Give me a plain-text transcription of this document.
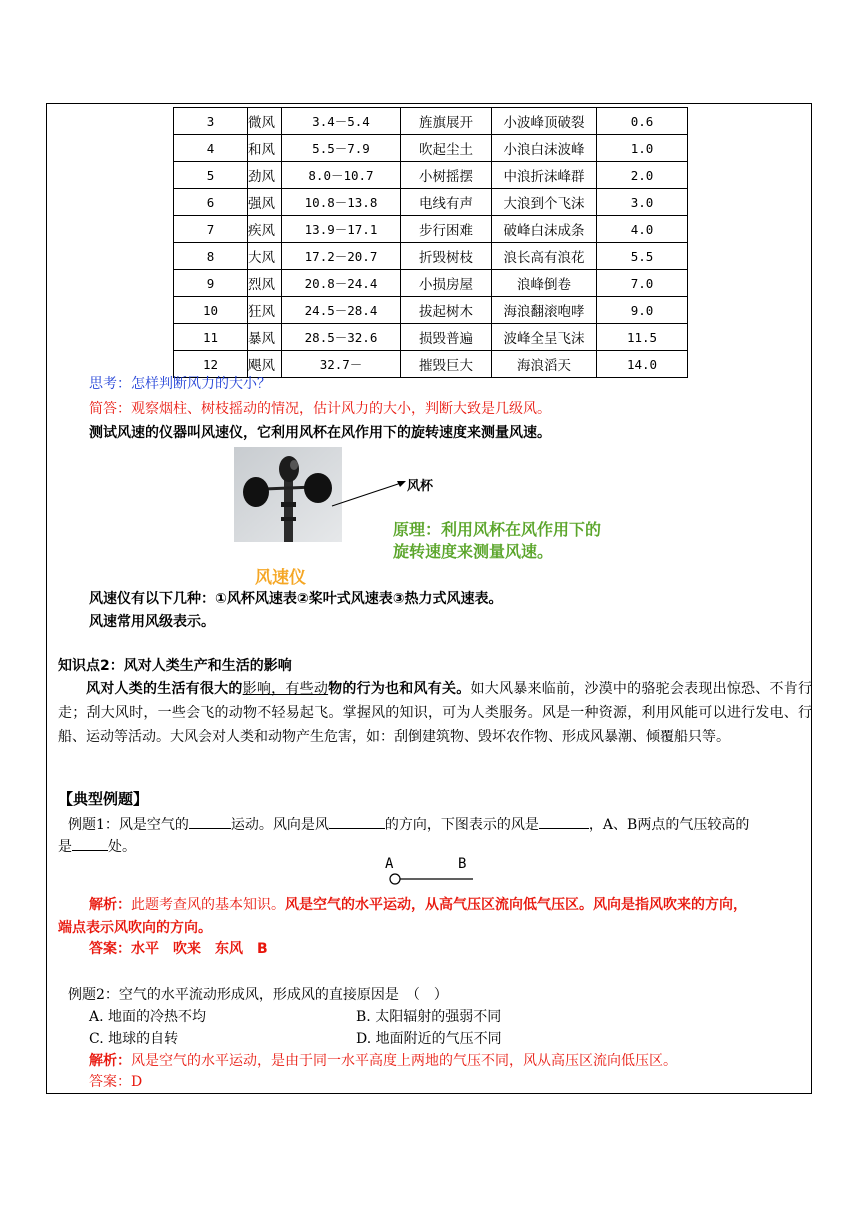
3	微风	3.4－5.4	旌旗展开	小波峰顶破裂	0.6
4	和风	5.5－7.9	吹起尘土	小浪白沫波峰	1.0
5	劲风	8.0－10.7	小树摇摆	中浪折沫峰群	2.0
6	强风	10.8－13.8	电线有声	大浪到个飞沫	3.0
7	疾风	13.9－17.1	步行困难	破峰白沫成条	4.0
8	大风	17.2－20.7	折毁树枝	浪长高有浪花	5.5
9	烈风	20.8－24.4	小损房屋	浪峰倒卷	7.0
10	狂风	24.5－28.4	拔起树木	海浪翻滚咆哮	9.0
11	暴风	28.5－32.6	损毁普遍	波峰全呈飞沫	11.5
12	飓风	32.7－	摧毁巨大	海浪滔天	14.0
思考：怎样判断风力的大小？
简答：观察烟柱、树枝摇动的情况，估计风力的大小，判断大致是几级风。
测试风速的仪器叫风速仪，它利用风杯在风作用下的旋转速度来测量风速。
风杯
原理：利用风杯在风作用下的
旋转速度来测量风速。
风速仪
风速仪有以下几种：①风杯风速表②桨叶式风速表③热力式风速表。
风速常用风级表示。
知识点2：风对人类生产和生活的影响
风对人类的生活有很大的影响，有些动物的行为也和风有关。如大风暴来临前，沙漠中的骆驼会表现出惊恐、不肯行走；刮大风时，一些会飞的动物不轻易起飞。掌握风的知识，可为人类服务。风是一种资源，利用风能可以进行发电、行船、运动等活动。大风会对人类和动物产生危害，如：刮倒建筑物、毁坏农作物、形成风暴潮、倾覆船只等。
【典型例题】
例题1：风是空气的	运动。风向是风	的方向，下图表示的风是	，A、B两点的气压较高的
是	处。
A	B
解析：此题考查风的基本知识。风是空气的水平运动，从高气压区流向低气压区。风向是指风吹来的方向，
端点表示风吹向的方向。
答案：水平　吹来　东风　B
例题2：空气的水平流动形成风，形成风的直接原因是　（　）
A. 地面的冷热不均	B. 太阳辐射的强弱不同
C. 地球的自转	D. 地面附近的气压不同
解析：风是空气的水平运动，是由于同一水平高度上两地的气压不同，风从高压区流向低压区。
答案：D
